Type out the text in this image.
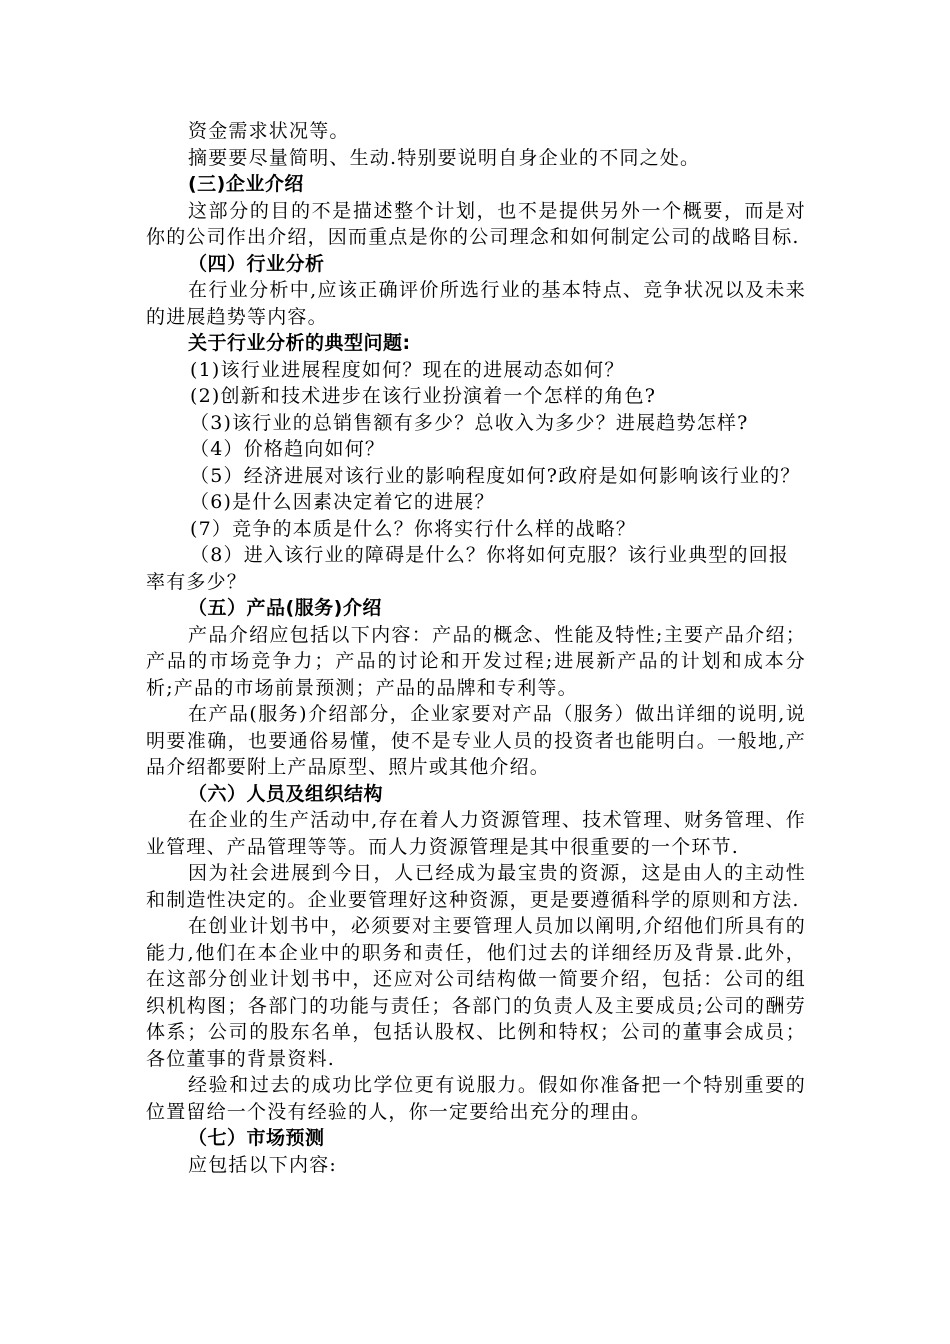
资金需求状况等。

摘要要尽量简明、生动.特别要说明自身企业的不同之处。

(三)企业介绍

这部分的目的不是描述整个计划，也不是提供另外一个概要，而是对你的公司作出介绍，因而重点是你的公司理念和如何制定公司的战略目标.

（四）行业分析

在行业分析中,应该正确评价所选行业的基本特点、竞争状况以及未来的进展趋势等内容。

关于行业分析的典型问题:

(1)该行业进展程度如何？现在的进展动态如何？

(2)创新和技术进步在该行业扮演着一个怎样的角色?

（3)该行业的总销售额有多少？总收入为多少？进展趋势怎样?

（4）价格趋向如何？

（5）经济进展对该行业的影响程度如何?政府是如何影响该行业的？

（6)是什么因素决定着它的进展？

(7）竞争的本质是什么？你将实行什么样的战略？

（8）进入该行业的障碍是什么？你将如何克服？该行业典型的回报率有多少？

（五）产品(服务)介绍

产品介绍应包括以下内容：产品的概念、性能及特性;主要产品介绍；产品的市场竞争力；产品的讨论和开发过程;进展新产品的计划和成本分析;产品的市场前景预测；产品的品牌和专利等。

在产品(服务)介绍部分，企业家要对产品（服务）做出详细的说明,说明要准确，也要通俗易懂，使不是专业人员的投资者也能明白。一般地,产品介绍都要附上产品原型、照片或其他介绍。

（六）人员及组织结构

在企业的生产活动中,存在着人力资源管理、技术管理、财务管理、作业管理、产品管理等等。而人力资源管理是其中很重要的一个环节.

因为社会进展到今日，人已经成为最宝贵的资源，这是由人的主动性和制造性决定的。企业要管理好这种资源，更是要遵循科学的原则和方法.

在创业计划书中，必须要对主要管理人员加以阐明,介绍他们所具有的能力,他们在本企业中的职务和责任，他们过去的详细经历及背景.此外，在这部分创业计划书中，还应对公司结构做一简要介绍，包括：公司的组织机构图；各部门的功能与责任；各部门的负责人及主要成员;公司的酬劳体系；公司的股东名单，包括认股权、比例和特权；公司的董事会成员；各位董事的背景资料.

经验和过去的成功比学位更有说服力。假如你准备把一个特别重要的位置留给一个没有经验的人，你一定要给出充分的理由。

（七）市场预测

应包括以下内容:
